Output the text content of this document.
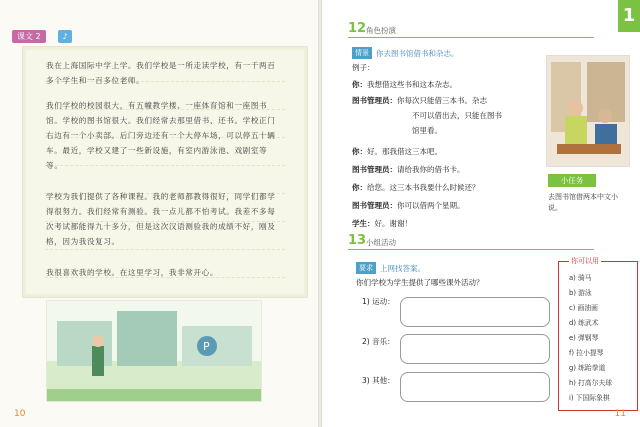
课文 2	♪
我在上海国际中学上学。我们学校是一所走读学校，有一千两百多个学生和一百多位老师。
我们学校的校园很大，有五幢教学楼、一座体育馆和一座图书馆。学校的图书馆很大。我们经常去那里借书、还书。学校正门右边有一个小卖部。后门旁边还有一个大停车场，可以停五十辆车。最近，学校又建了一些新设施，有室内游泳池、戏剧室等等。
学校为我们提供了各种课程。我的老师都教得很好，同学们都学得很努力。我们经常有测验。我一点儿都不怕考试。我差不多每次考试都能得九十多分，但是这次汉语测验我的成绩不好，刚及格，因为我没复习。
我很喜欢我的学校。在这里学习，我非常开心。
P
10
1
12 角色扮演
情景 你去图书馆借书和杂志。
例子：
你：我想借这些书和这本杂志。
图书管理员：你每次只能借三本书。杂志
不可以借出去，只能在图书
馆里看。
你：好。那我借这三本吧。
图书管理员：请给我你的借书卡。
你：给您。这三本书我要什么时候还？
图书管理员：你可以借两个星期。
学生：好。谢谢！
小任务
去图书馆借两本中文小说。
13 小组活动
要求 上网找答案。
你们学校为学生提供了哪些课外活动？
1) 运动：
2) 音乐：
3) 其他：
你可以用
a) 骑马
b) 游泳
c) 画油画
d) 练武术
e) 弹钢琴
f) 拉小提琴
g) 练跆拳道
h) 打高尔夫球
i) 下国际象棋
11
